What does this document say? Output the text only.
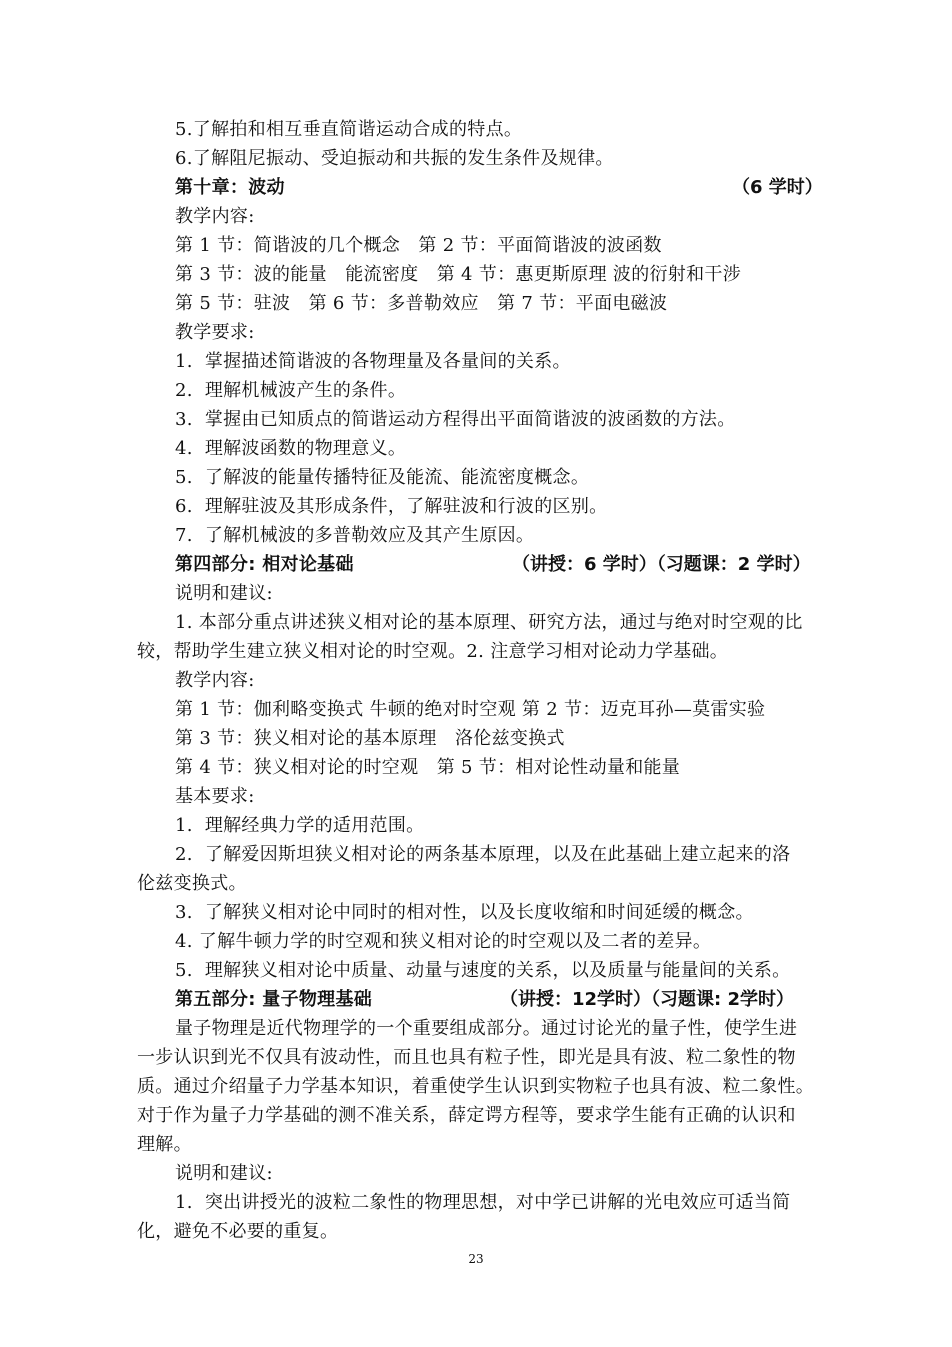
5.了解拍和相互垂直简谐运动合成的特点。
6.了解阻尼振动、受迫振动和共振的发生条件及规律。
第十章：波动	（6 学时）
教学内容:
第 1 节：简谐波的几个概念　第 2 节：平面简谐波的波函数
第 3 节：波的能量　能流密度　第 4 节：惠更斯原理 波的衍射和干涉
第 5 节：驻波　第 6 节：多普勒效应　第 7 节：平面电磁波
教学要求:
1.  掌握描述简谐波的各物理量及各量间的关系。
2.  理解机械波产生的条件。
3.  掌握由已知质点的简谐运动方程得出平面简谐波的波函数的方法。
4.  理解波函数的物理意义。
5.  了解波的能量传播特征及能流、能流密度概念。
6.  理解驻波及其形成条件，了解驻波和行波的区别。
7.  了解机械波的多普勒效应及其产生原因。
第四部分: 相对论基础	（讲授：6 学时）（习题课：2 学时）
说明和建议:
1. 本部分重点讲述狭义相对论的基本原理、研究方法，通过与绝对时空观的比
较，帮助学生建立狭义相对论的时空观。2. 注意学习相对论动力学基础。
教学内容:
第 1 节：伽利略变换式 牛顿的绝对时空观 第 2 节：迈克耳孙—莫雷实验
第 3 节：狭义相对论的基本原理　洛伦兹变换式
第 4 节：狭义相对论的时空观　第 5 节：相对论性动量和能量
基本要求:
1.  理解经典力学的适用范围。
2.  了解爱因斯坦狭义相对论的两条基本原理，以及在此基础上建立起来的洛
伦兹变换式。
3.  了解狭义相对论中同时的相对性，以及长度收缩和时间延缓的概念。
4. 了解牛顿力学的时空观和狭义相对论的时空观以及二者的差异。
5.  理解狭义相对论中质量、动量与速度的关系，以及质量与能量间的关系。
第五部分: 量子物理基础	（讲授：12学时）（习题课: 2学时）
量子物理是近代物理学的一个重要组成部分。通过讨论光的量子性，使学生进
一步认识到光不仅具有波动性，而且也具有粒子性，即光是具有波、粒二象性的物
质。通过介绍量子力学基本知识，着重使学生认识到实物粒子也具有波、粒二象性。
对于作为量子力学基础的测不准关系，薛定谔方程等，要求学生能有正确的认识和
理解。
说明和建议:
1.  突出讲授光的波粒二象性的物理思想，对中学已讲解的光电效应可适当简
化，避免不必要的重复。
23
